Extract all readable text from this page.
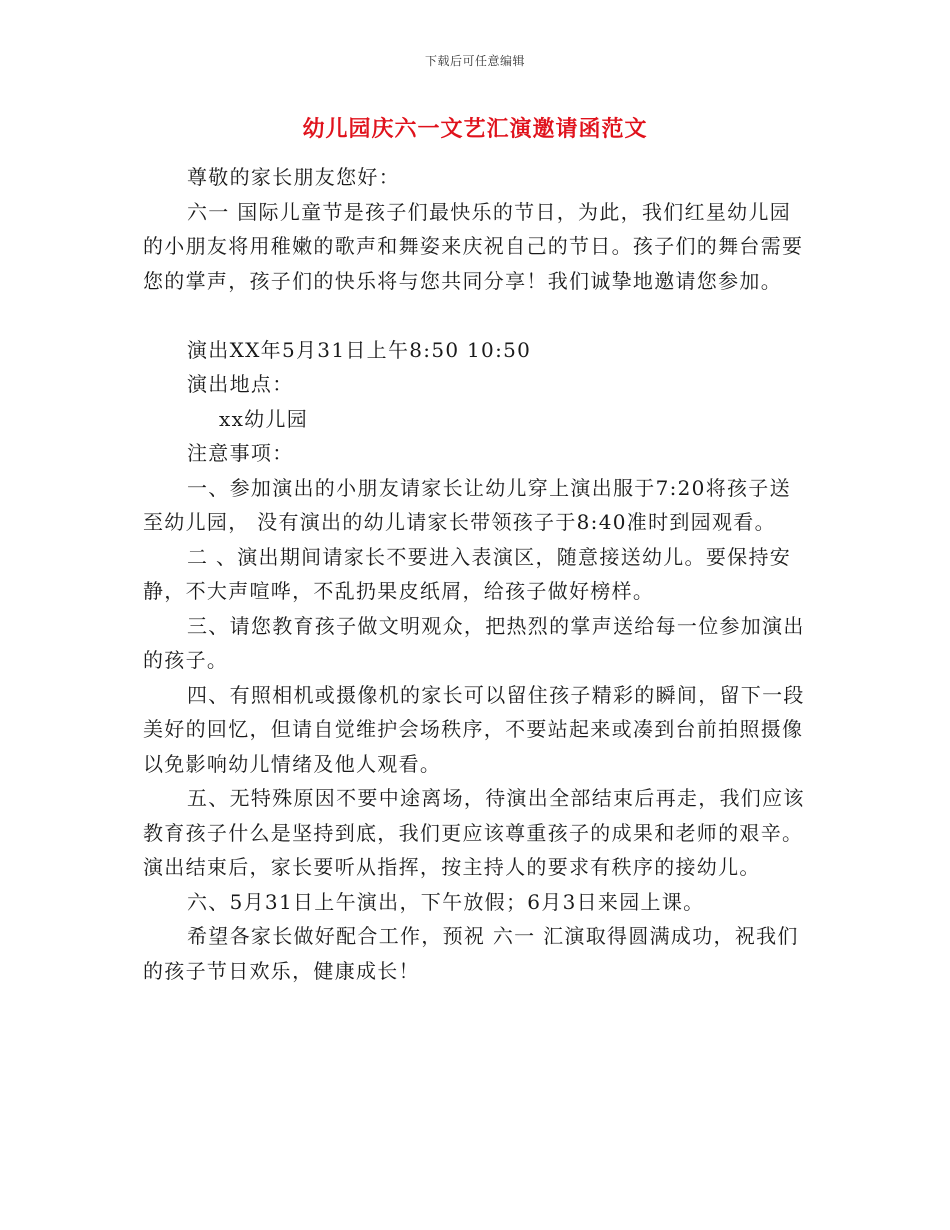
下载后可任意编辑
幼儿园庆六一文艺汇演邀请函范文

尊敬的家长朋友您好：

六一 国际儿童节是孩子们最快乐的节日，为此，我们红星幼儿园的小朋友将用稚嫩的歌声和舞姿来庆祝自己的节日。孩子们的舞台需要您的掌声，孩子们的快乐将与您共同分享！我们诚挚地邀请您参加。

演出XX年5月31日上午8:50 10:50

演出地点：

xx幼儿园

注意事项：

一、参加演出的小朋友请家长让幼儿穿上演出服于7:20将孩子送至幼儿园， 没有演出的幼儿请家长带领孩子于8:40准时到园观看。

二 、演出期间请家长不要进入表演区，随意接送幼儿。要保持安静，不大声喧哗，不乱扔果皮纸屑，给孩子做好榜样。

三、请您教育孩子做文明观众，把热烈的掌声送给每一位参加演出的孩子。

四、有照相机或摄像机的家长可以留住孩子精彩的瞬间，留下一段美好的回忆，但请自觉维护会场秩序，不要站起来或凑到台前拍照摄像以免影响幼儿情绪及他人观看。

五、无特殊原因不要中途离场，待演出全部结束后再走，我们应该教育孩子什么是坚持到底，我们更应该尊重孩子的成果和老师的艰辛。演出结束后，家长要听从指挥，按主持人的要求有秩序的接幼儿。

六、5月31日上午演出，下午放假；6月3日来园上课。

希望各家长做好配合工作，预祝 六一 汇演取得圆满成功，祝我们的孩子节日欢乐，健康成长！
